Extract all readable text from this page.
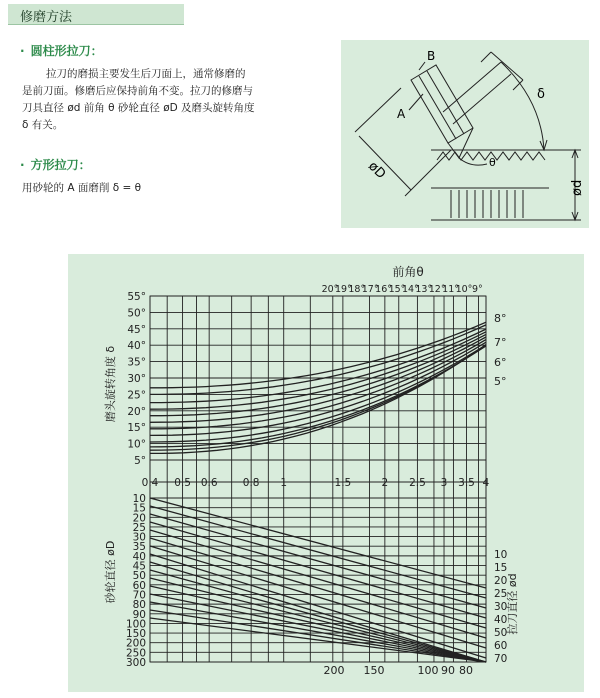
修磨方法
· 圆柱形拉刀：
拉刀的磨损主要发生后刀面上，通常修磨的
是前刀面。修磨后应保持前角不变。拉刀的修磨与
刀具直径 ød 前角 θ 砂轮直径 øD 及磨头旋转角度
δ 有关。
· 方形拉刀：
用砂轮的 A 面磨削 δ = θ
B
A
δ
øD	θ
ød
55°
50°
45°
40°
35°
30°
25°
20°
15°
10°
5°
10
15
20
25
30
35
40
45
50
60
70
80
90
100
150
200
250
300
0.4 0.5 0.6 0.8 1	1.5	2 2.5 3 3.5 4
前角θ
20°
19°
18°
17°
16°
15°
14°
13°
12°
11°
10° 9°
8°
7°
6°
5°
10
15
20
25
30
40
50
60
70
200 150	100 90 80
磨头旋转角度 δ
砂轮直径 øD
拉刀直径 ød
